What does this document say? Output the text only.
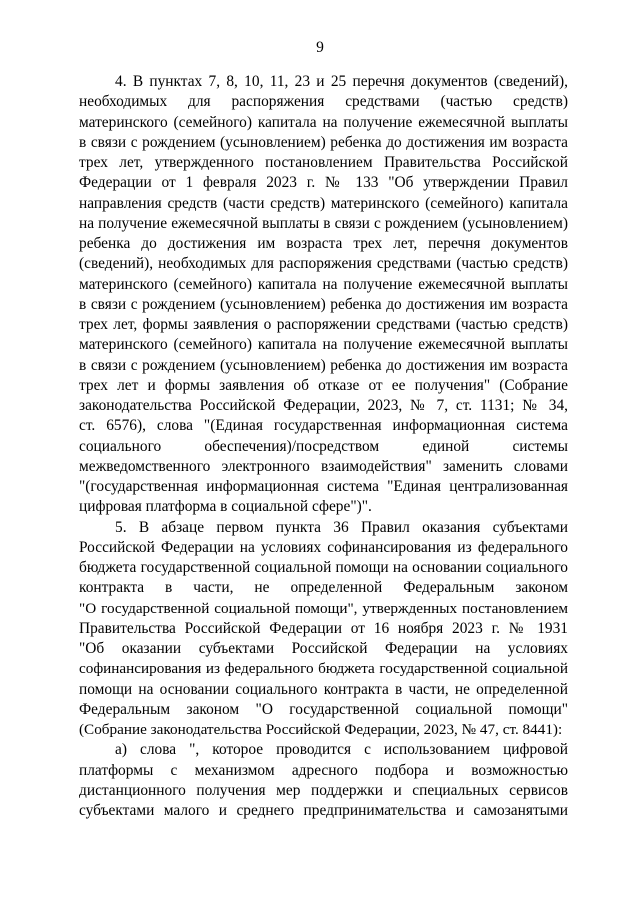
9
4. В пунктах 7, 8, 10, 11, 23 и 25 перечня документов (сведений),
необходимых для распоряжения средствами (частью средств)
материнского (семейного) капитала на получение ежемесячной выплаты
в связи с рождением (усыновлением) ребенка до достижения им возраста
трех лет, утвержденного постановлением Правительства Российской
Федерации от 1 февраля 2023 г. № 133 "Об утверждении Правил
направления средств (части средств) материнского (семейного) капитала
на получение ежемесячной выплаты в связи с рождением (усыновлением)
ребенка до достижения им возраста трех лет, перечня документов
(сведений), необходимых для распоряжения средствами (частью средств)
материнского (семейного) капитала на получение ежемесячной выплаты
в связи с рождением (усыновлением) ребенка до достижения им возраста
трех лет, формы заявления о распоряжении средствами (частью средств)
материнского (семейного) капитала на получение ежемесячной выплаты
в связи с рождением (усыновлением) ребенка до достижения им возраста
трех лет и формы заявления об отказе от ее получения" (Собрание
законодательства Российской Федерации, 2023, № 7, ст. 1131; № 34,
ст. 6576), слова "(Единая государственная информационная система
социального обеспечения)/посредством единой системы
межведомственного электронного взаимодействия" заменить словами
"(государственная информационная система "Единая централизованная
цифровая платформа в социальной сфере")".
5. В абзаце первом пункта 36 Правил оказания субъектами
Российской Федерации на условиях софинансирования из федерального
бюджета государственной социальной помощи на основании социального
контракта в части, не определенной Федеральным законом
"О государственной социальной помощи", утвержденных постановлением
Правительства Российской Федерации от 16 ноября 2023 г. № 1931
"Об оказании субъектами Российской Федерации на условиях
софинансирования из федерального бюджета государственной социальной
помощи на основании социального контракта в части, не определенной
Федеральным законом "О государственной социальной помощи"
(Собрание законодательства Российской Федерации, 2023, № 47, ст. 8441):
а) слова ", которое проводится с использованием цифровой
платформы с механизмом адресного подбора и возможностью
дистанционного получения мер поддержки и специальных сервисов
субъектами малого и среднего предпринимательства и самозанятыми
